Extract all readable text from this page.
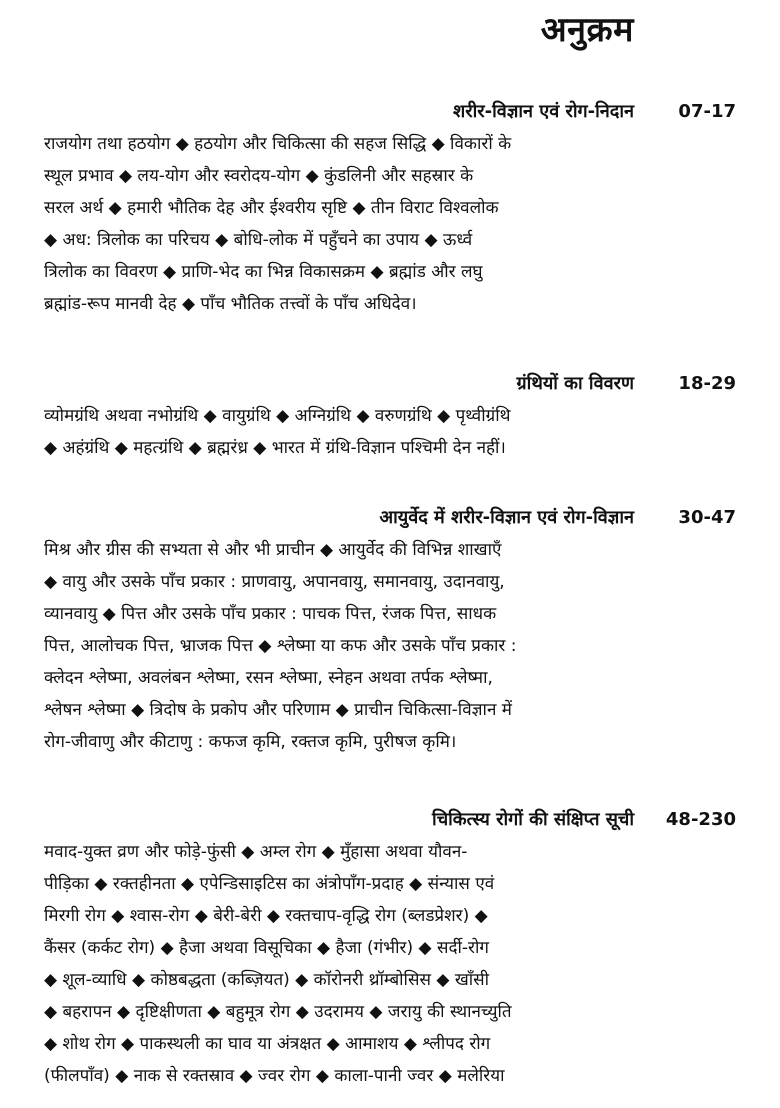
अनुक्रम
शरीर-विज्ञान एवं रोग-निदान 07-17
राजयोग तथा हठयोग ◆ हठयोग और चिकित्सा की सहज सिद्धि ◆ विकारों के
स्थूल प्रभाव ◆ लय-योग और स्वरोदय-योग ◆ कुंडलिनी और सहस्रार के
सरल अर्थ ◆ हमारी भौतिक देह और ईश्वरीय सृष्टि ◆ तीन विराट विश्वलोक
◆ अध: त्रिलोक का परिचय ◆ बोधि-लोक में पहुँचने का उपाय ◆ ऊर्ध्व
त्रिलोक का विवरण ◆ प्राणि-भेद का भिन्न विकासक्रम ◆ ब्रह्मांड और लघु
ब्रह्मांड-रूप मानवी देह ◆ पाँच भौतिक तत्त्वों के पाँच अधिदेव।
ग्रंथियों का विवरण 18-29
व्योमग्रंथि अथवा नभोग्रंथि ◆ वायुग्रंथि ◆ अग्निग्रंथि ◆ वरुणग्रंथि ◆ पृथ्वीग्रंथि
◆ अहंग्रंथि ◆ महत्ग्रंथि ◆ ब्रह्मरंध्र ◆ भारत में ग्रंथि-विज्ञान पश्चिमी देन नहीं।
आयुर्वेद में शरीर-विज्ञान एवं रोग-विज्ञान 30-47
मिश्र और ग्रीस की सभ्यता से और भी प्राचीन ◆ आयुर्वेद की विभिन्न शाखाएँ
◆ वायु और उसके पाँच प्रकार : प्राणवायु, अपानवायु, समानवायु, उदानवायु,
व्यानवायु ◆ पित्त और उसके पाँच प्रकार : पाचक पित्त, रंजक पित्त, साधक
पित्त, आलोचक पित्त, भ्राजक पित्त ◆ श्लेष्मा या कफ और उसके पाँच प्रकार :
क्लेदन श्लेष्मा, अवलंबन श्लेष्मा, रसन श्लेष्मा, स्नेहन अथवा तर्पक श्लेष्मा,
श्लेषन श्लेष्मा ◆ त्रिदोष के प्रकोप और परिणाम ◆ प्राचीन चिकित्सा-विज्ञान में
रोग-जीवाणु और कीटाणु : कफज कृमि, रक्तज कृमि, पुरीषज कृमि।
चिकित्स्य रोगों की संक्षिप्त सूची 48-230
मवाद-युक्त व्रण और फोड़े-फुंसी ◆ अम्ल रोग ◆ मुँहासा अथवा यौवन-
पीड़िका ◆ रक्तहीनता ◆ एपेन्डिसाइटिस का अंत्रोपाँग-प्रदाह ◆ संन्यास एवं
मिरगी रोग ◆ श्वास-रोग ◆ बेरी-बेरी ◆ रक्तचाप-वृद्धि रोग (ब्लडप्रेशर) ◆
कैंसर (कर्कट रोग) ◆ हैजा अथवा विसूचिका ◆ हैजा (गंभीर) ◆ सर्दी-रोग
◆ शूल-व्याधि ◆ कोष्ठबद्धता (कब्ज़ियत) ◆ कॉरोनरी थ्रॉम्बोसिस ◆ खाँसी
◆ बहरापन ◆ दृष्टिक्षीणता ◆ बहुमूत्र रोग ◆ उदरामय ◆ जरायु की स्थानच्युति
◆ शोथ रोग ◆ पाकस्थली का घाव या अंत्रक्षत ◆ आमाशय ◆ श्लीपद रोग
(फीलपाँव) ◆ नाक से रक्तस्राव ◆ ज्वर रोग ◆ काला-पानी ज्वर ◆ मलेरिया
